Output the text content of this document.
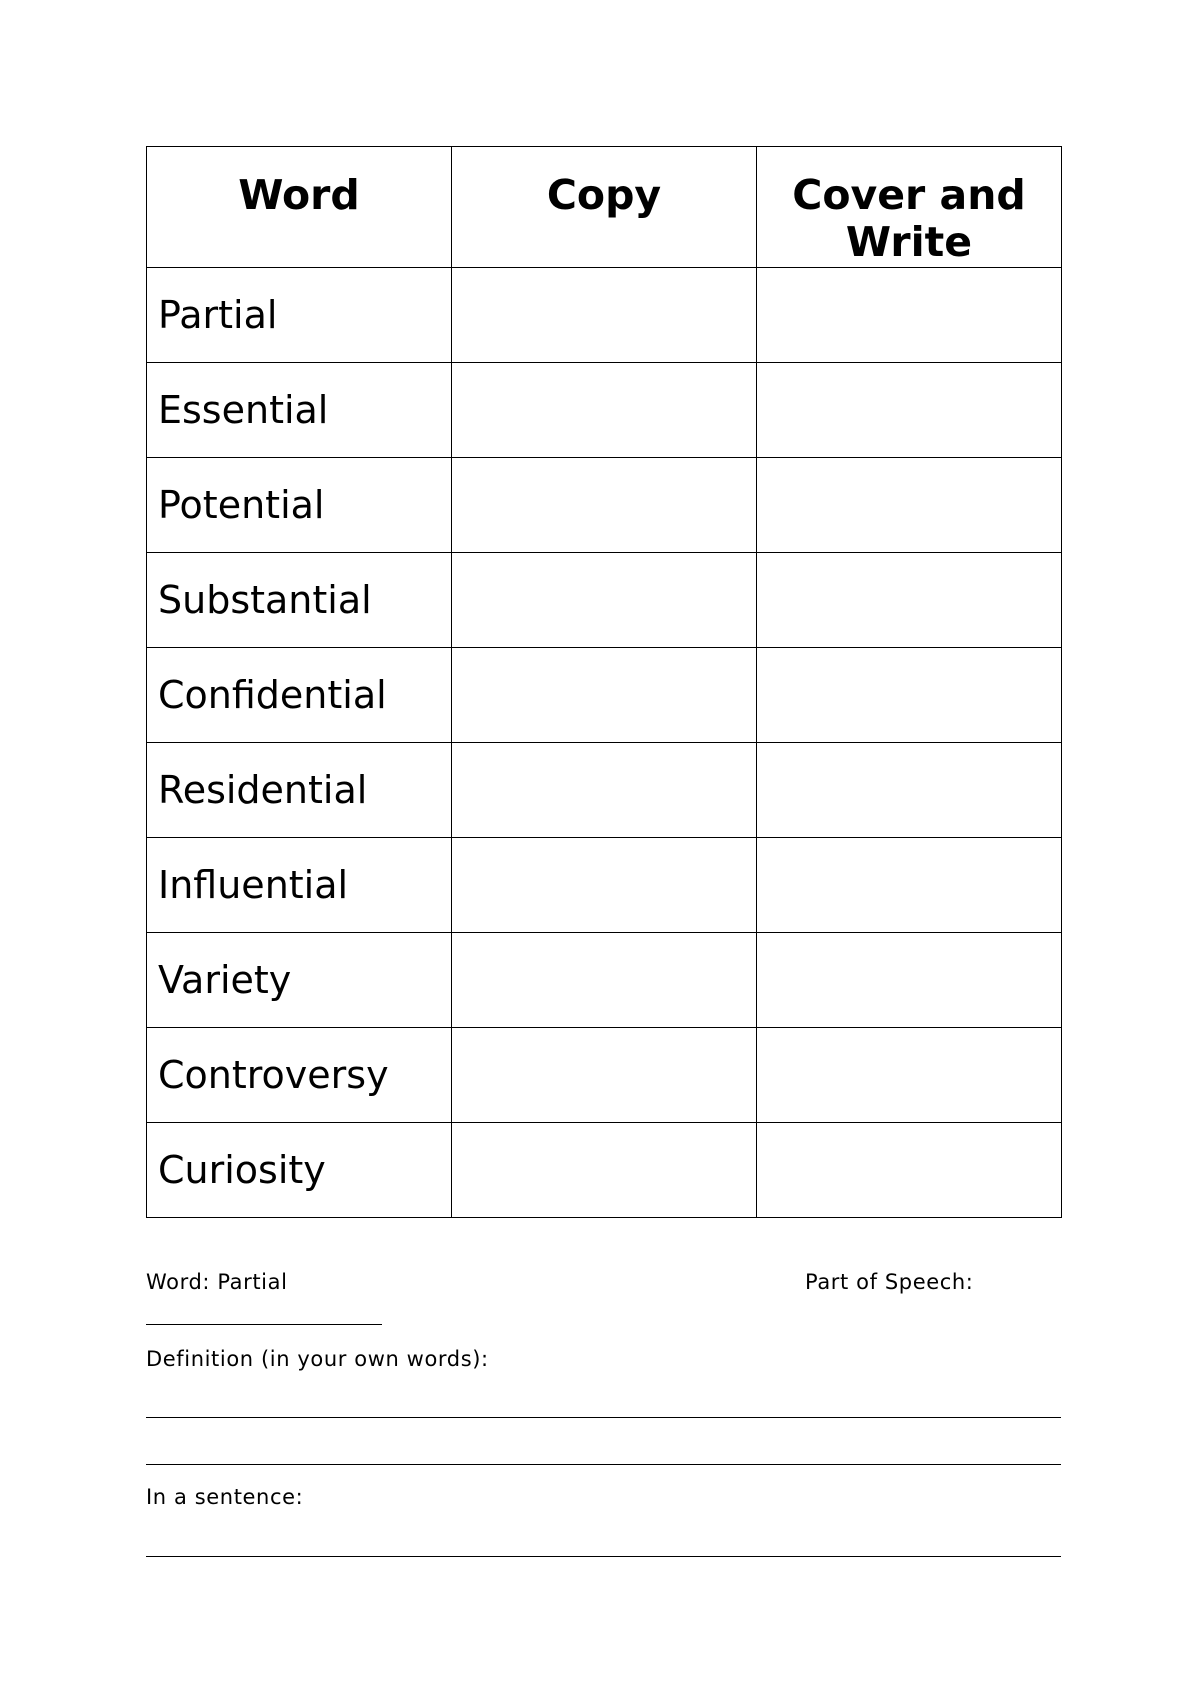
Word	Copy	Cover and Write
Partial		
Essential		
Potential		
Substantial		
Confidential		
Residential		
Influential		
Variety		
Controversy		
Curiosity		
Word: Partial	Part of Speech:
Definition (in your own words):
In a sentence:
